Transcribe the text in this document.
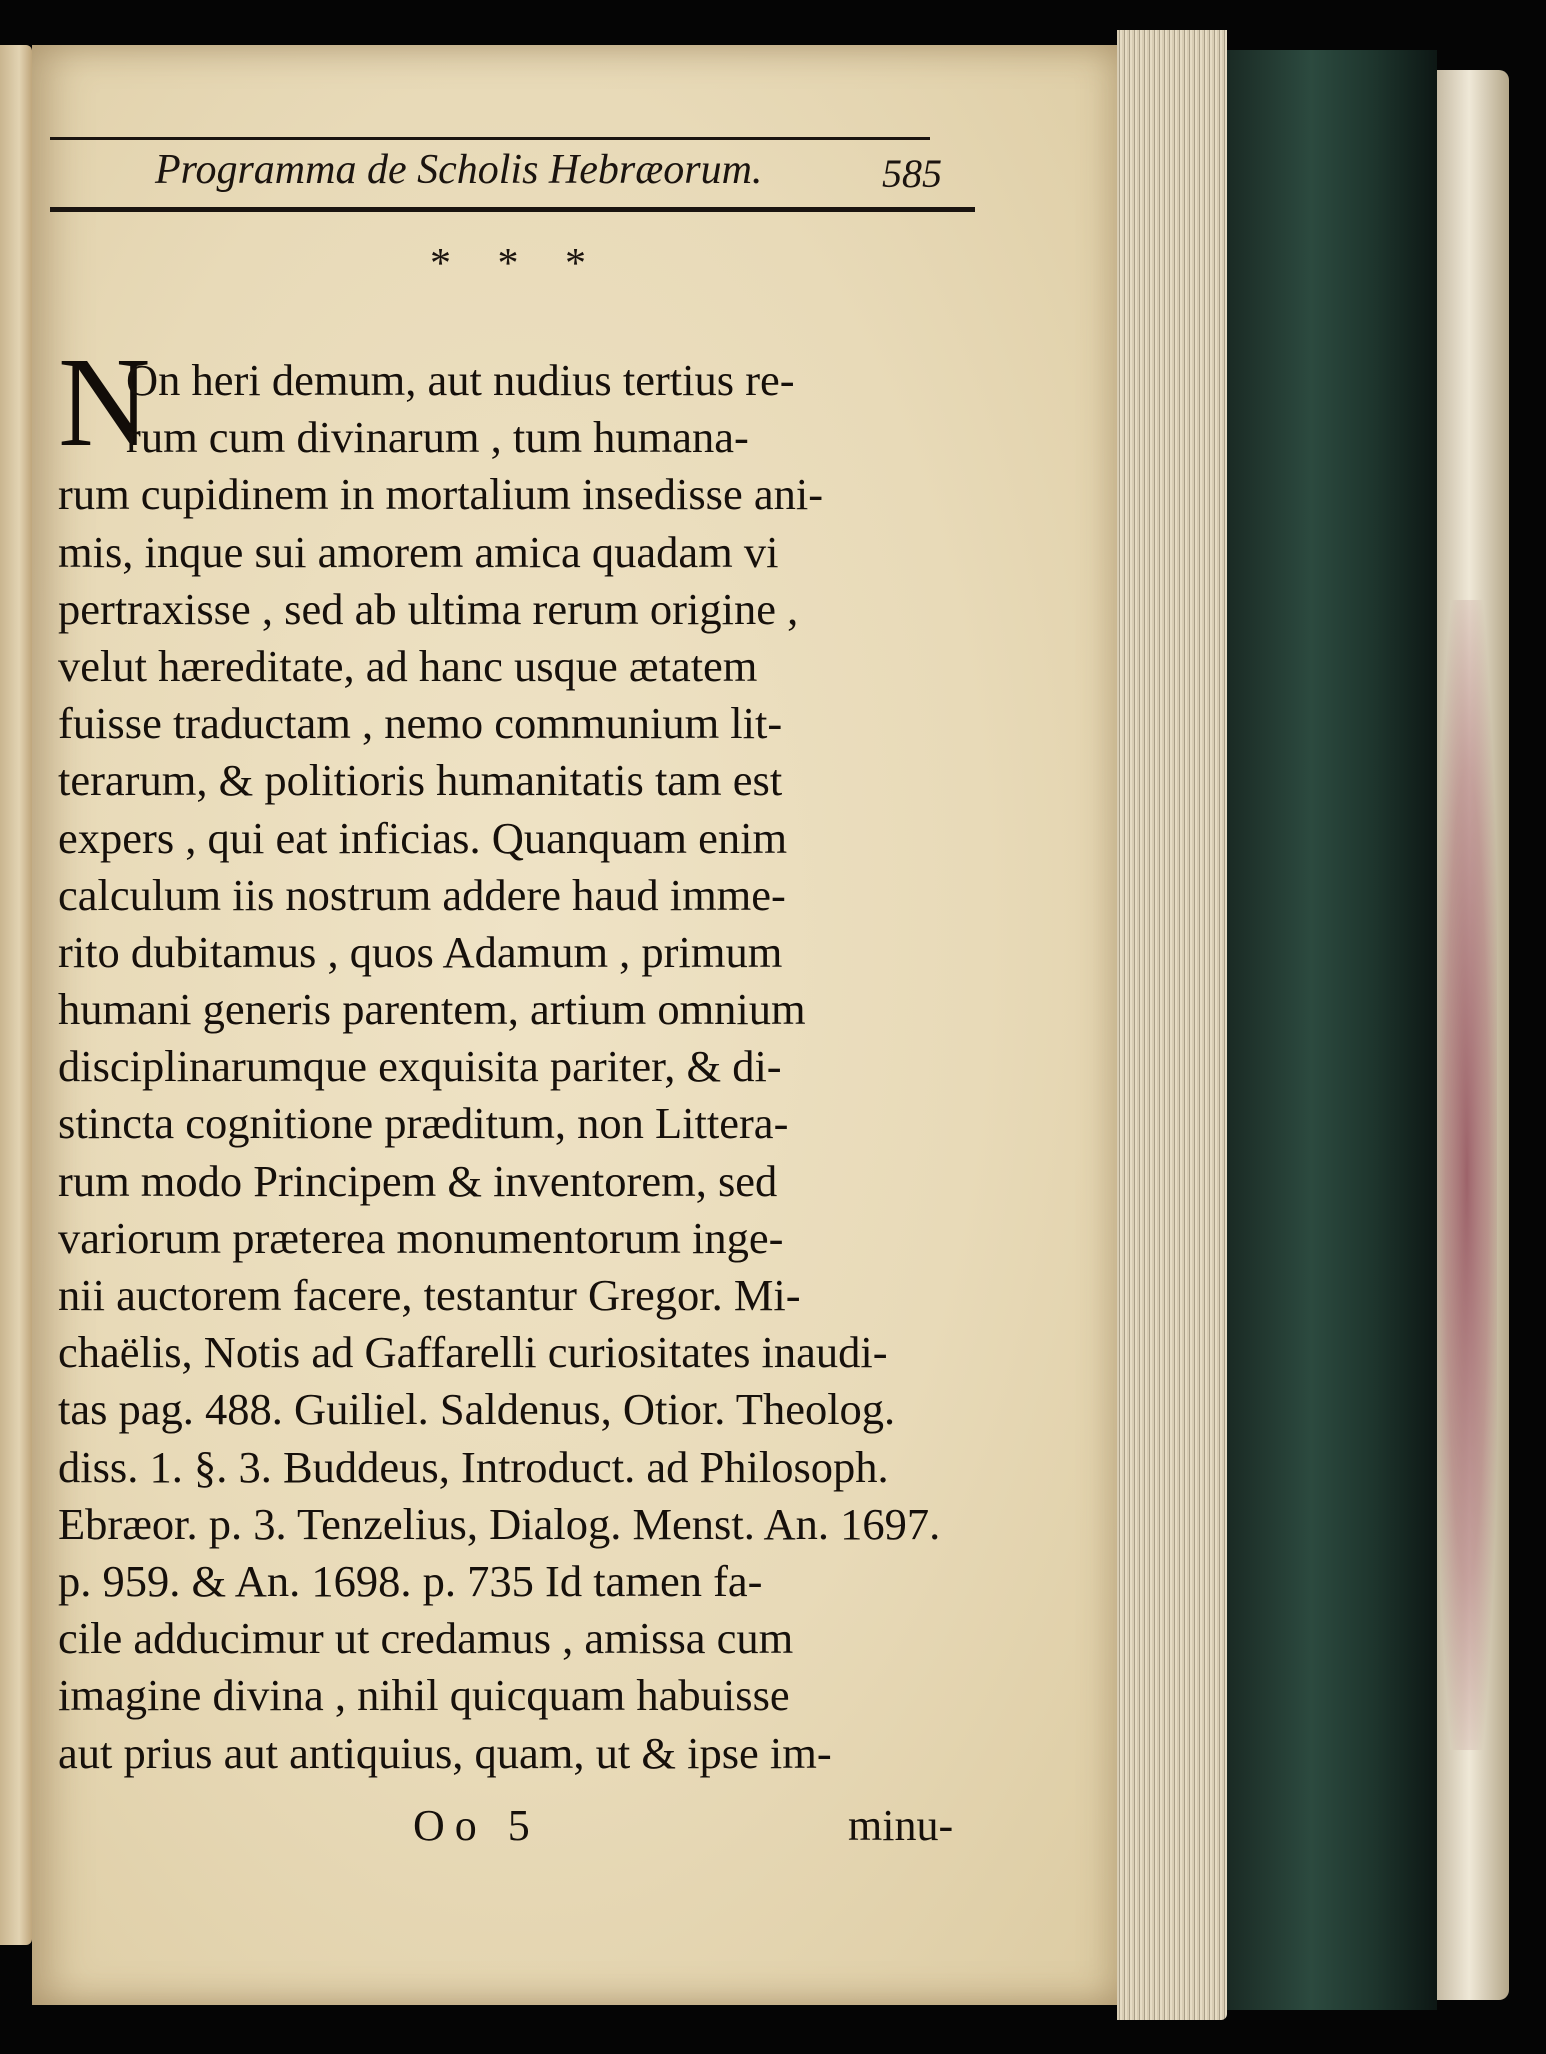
Programma de Scholis Hebræorum.	585
* * *
N
On heri demum, aut nudius tertius re-
rum cum divinarum , tum humana-
rum cupidinem in mortalium insedisse ani-
mis, inque sui amorem amica quadam vi
pertraxisse , sed ab ultima rerum origine ,
velut hæreditate, ad hanc usque ætatem
fuisse traductam , nemo communium lit-
terarum, & politioris humanitatis tam est
expers , qui eat inficias. Quanquam enim
calculum iis nostrum addere haud imme-
rito dubitamus , quos Adamum , primum
humani generis parentem, artium omnium
disciplinarumque exquisita pariter, & di-
stincta cognitione præditum, non Littera-
rum modo Principem & inventorem, sed
variorum præterea monumentorum inge-
nii auctorem facere, testantur Gregor. Mi-
chaëlis, Notis ad Gaffarelli curiositates inaudi-
tas pag. 488. Guiliel. Saldenus, Otior. Theolog.
diss. 1. §. 3. Buddeus, Introduct. ad Philosoph.
Ebræor. p. 3. Tenzelius, Dialog. Menst. An. 1697.
p. 959. & An. 1698. p. 735 Id tamen fa-
cile adducimur ut credamus , amissa cum
imagine divina , nihil quicquam habuisse
aut prius aut antiquius, quam, ut & ipse im-
Oo 5	minu-
